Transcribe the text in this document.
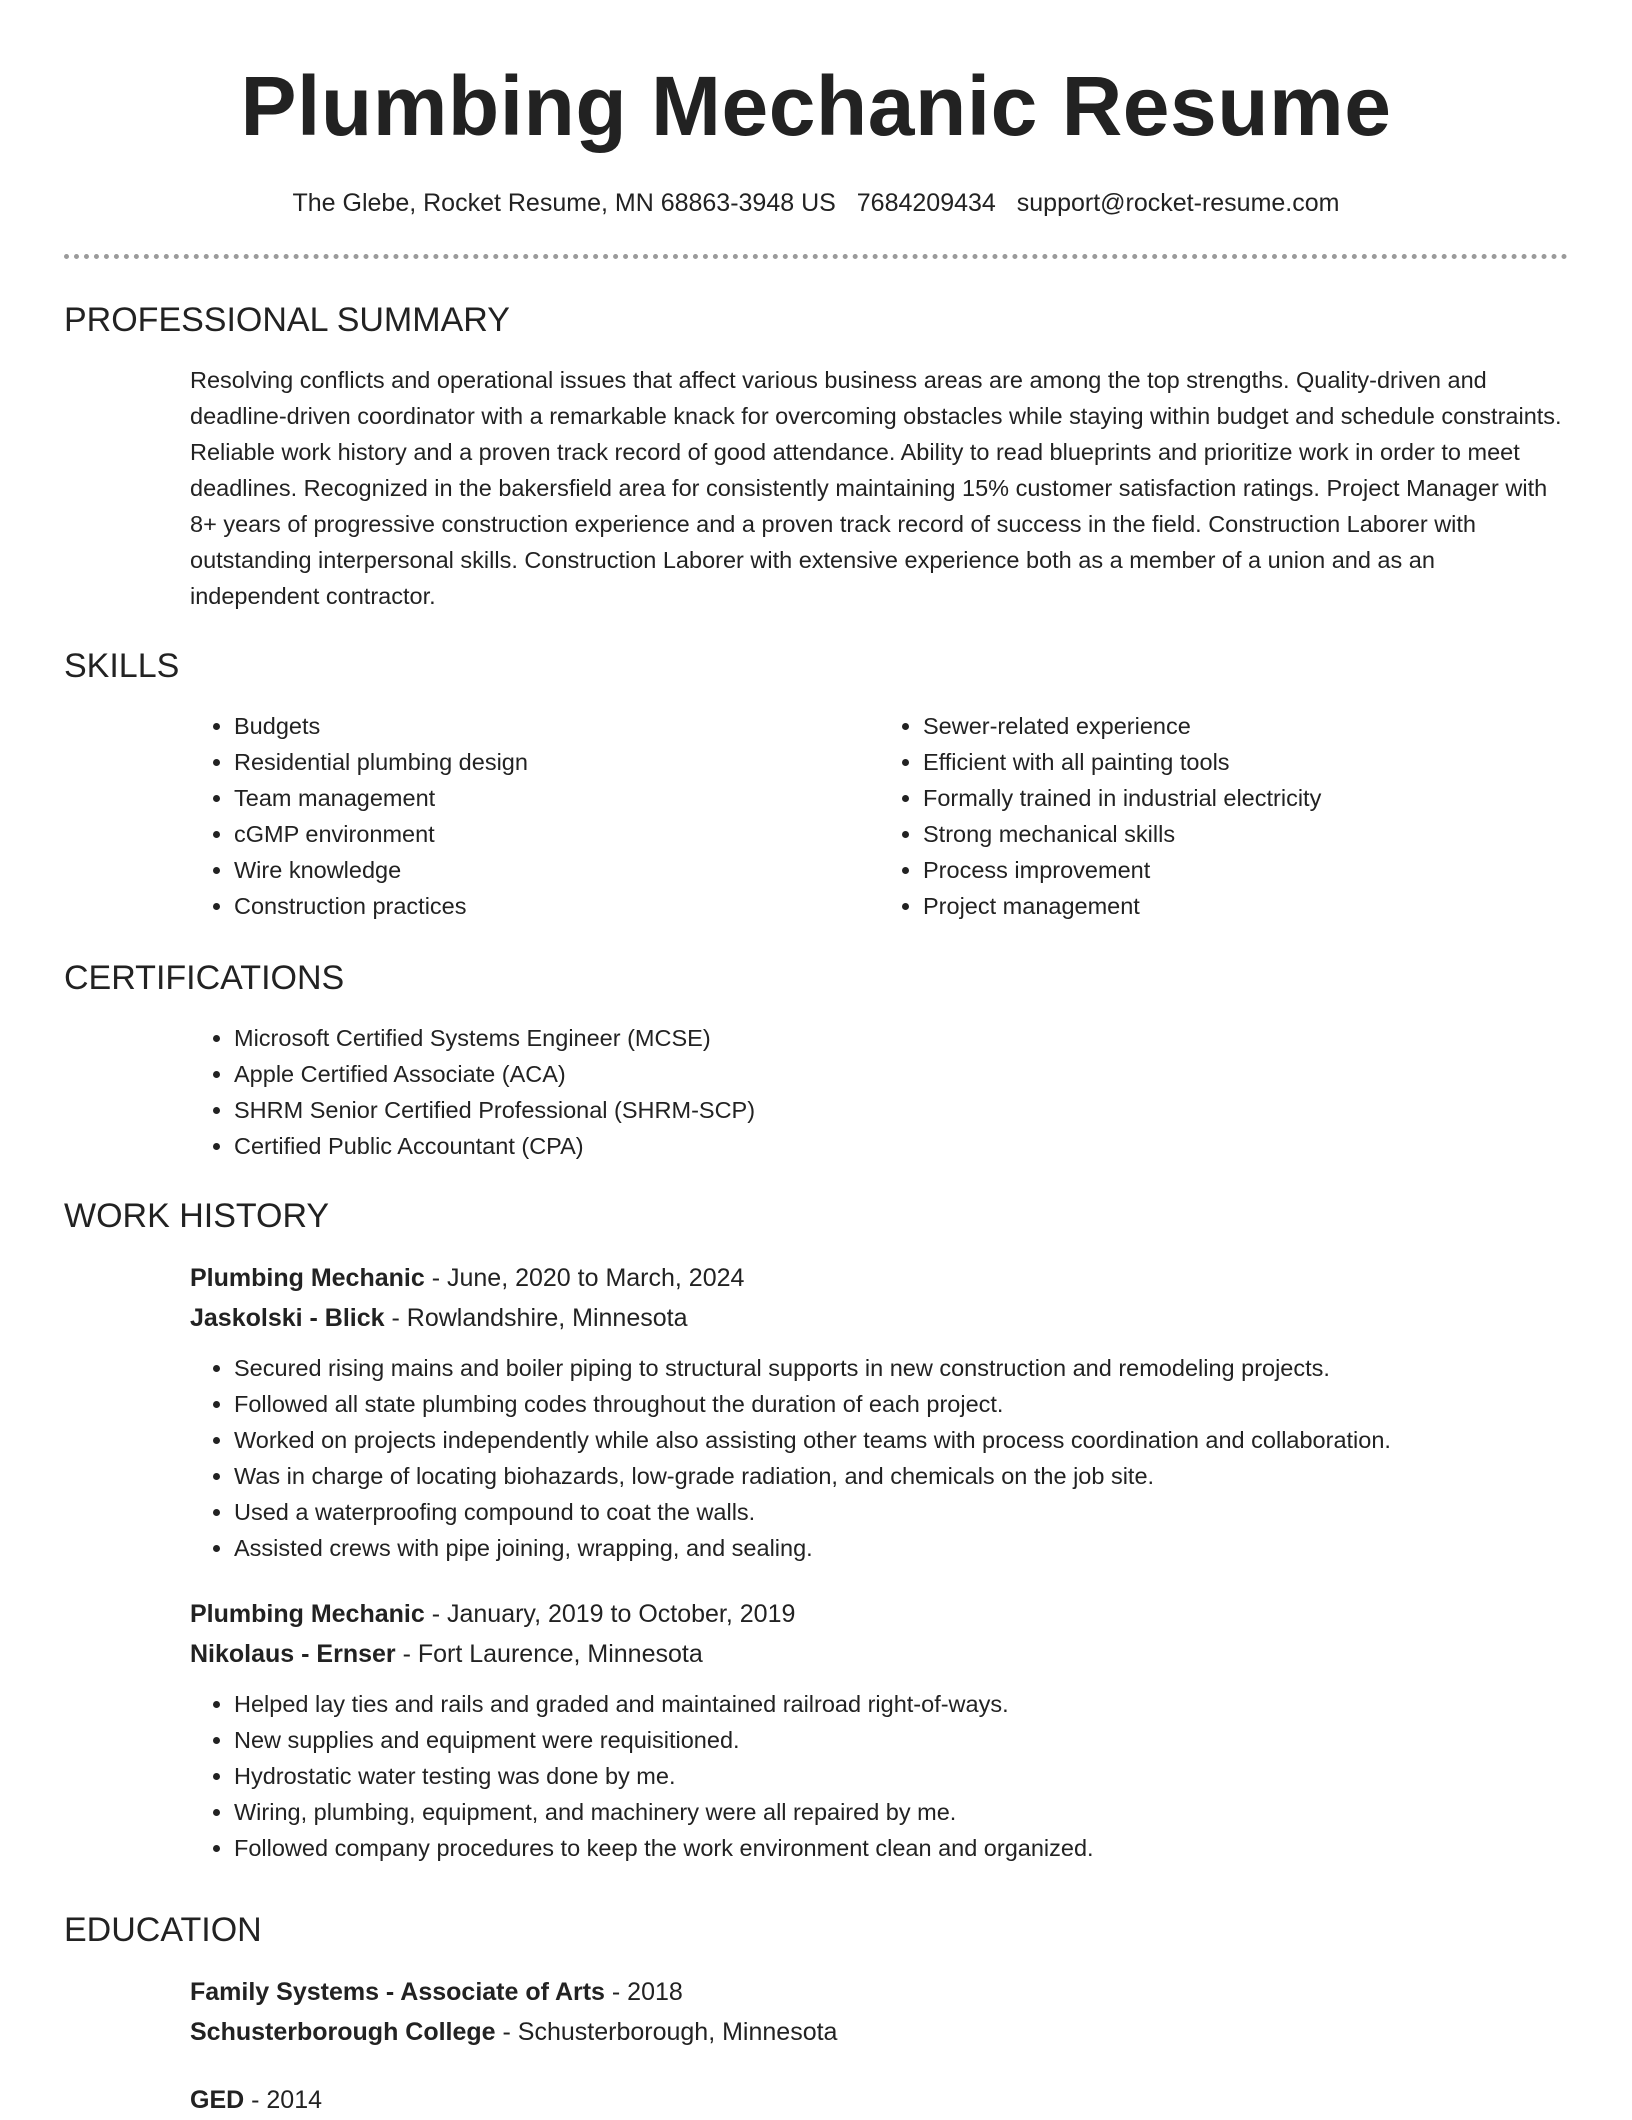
Plumbing Mechanic Resume
The Glebe, Rocket Resume, MN 68863-3948 US 7684209434 support@rocket-resume.com
PROFESSIONAL SUMMARY

Resolving conflicts and operational issues that affect various business areas are among the top strengths. Quality-driven and deadline-driven coordinator with a remarkable knack for overcoming obstacles while staying within budget and schedule constraints. Reliable work history and a proven track record of good attendance. Ability to read blueprints and prioritize work in order to meet deadlines. Recognized in the bakersfield area for consistently maintaining 15% customer satisfaction ratings. Project Manager with 8+ years of progressive construction experience and a proven track record of success in the field. Construction Laborer with outstanding interpersonal skills. Construction Laborer with extensive experience both as a member of a union and as an independent contractor.

SKILLS
• Budgets
• Residential plumbing design
• Team management
• cGMP environment
• Wire knowledge
• Construction practices
• Sewer-related experience
• Efficient with all painting tools
• Formally trained in industrial electricity
• Strong mechanical skills
• Process improvement
• Project management
CERTIFICATIONS
• Microsoft Certified Systems Engineer (MCSE)
• Apple Certified Associate (ACA)
• SHRM Senior Certified Professional (SHRM-SCP)
• Certified Public Accountant (CPA)
WORK HISTORY
Plumbing Mechanic - June, 2020 to March, 2024
Jaskolski - Blick - Rowlandshire, Minnesota
• Secured rising mains and boiler piping to structural supports in new construction and remodeling projects.
• Followed all state plumbing codes throughout the duration of each project.
• Worked on projects independently while also assisting other teams with process coordination and collaboration.
• Was in charge of locating biohazards, low-grade radiation, and chemicals on the job site.
• Used a waterproofing compound to coat the walls.
• Assisted crews with pipe joining, wrapping, and sealing.
Plumbing Mechanic - January, 2019 to October, 2019
Nikolaus - Ernser - Fort Laurence, Minnesota
• Helped lay ties and rails and graded and maintained railroad right-of-ways.
• New supplies and equipment were requisitioned.
• Hydrostatic water testing was done by me.
• Wiring, plumbing, equipment, and machinery were all repaired by me.
• Followed company procedures to keep the work environment clean and organized.
EDUCATION
Family Systems - Associate of Arts - 2018
Schusterborough College - Schusterborough, Minnesota
GED - 2014
